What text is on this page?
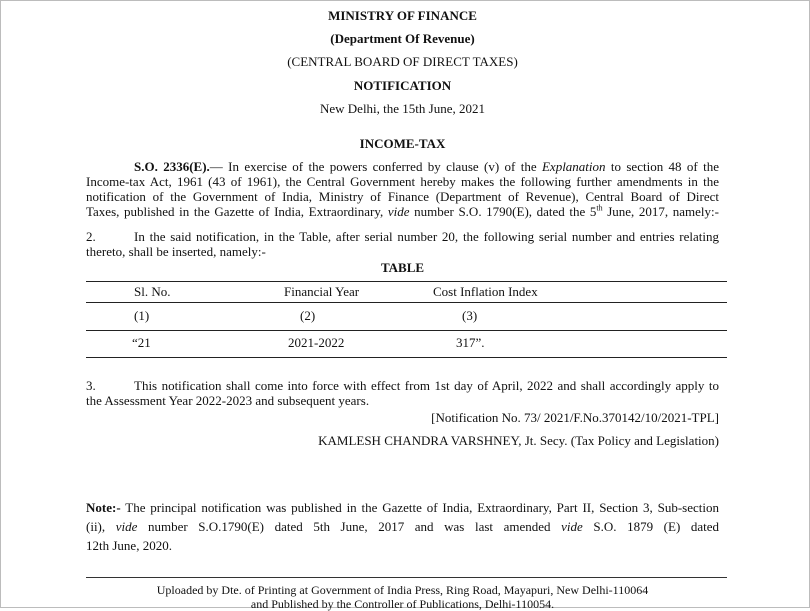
MINISTRY OF FINANCE
(Department Of Revenue)
(CENTRAL BOARD OF DIRECT TAXES)
NOTIFICATION
New Delhi, the 15th June, 2021
INCOME-TAX
S.O. 2336(E).— In exercise of the powers conferred by clause (v) of the Explanation to section 48 of the
Income-tax Act, 1961 (43 of 1961), the Central Government hereby makes the following further amendments in the
notification of the Government of India, Ministry of Finance (Department of Revenue), Central Board of Direct
Taxes, published in the Gazette of India, Extraordinary, vide number S.O. 1790(E), dated the 5th June, 2017, namely:-
2.	In the said notification, in the Table, after serial number 20, the following serial number and entries relating
thereto, shall be inserted, namely:-
TABLE
Sl. No.	Financial Year	Cost Inflation Index
(1)	(2)	(3)
“21	2021-2022	317”.
3.	This notification shall come into force with effect from 1st day of April, 2022 and shall accordingly apply to
the Assessment Year 2022-2023 and subsequent years.
[Notification No. 73/ 2021/F.No.370142/10/2021-TPL]
KAMLESH CHANDRA VARSHNEY, Jt. Secy. (Tax Policy and Legislation)
Note:- The principal notification was published in the Gazette of India, Extraordinary, Part II, Section 3, Sub-section
(ii), vide number S.O.1790(E) dated 5th June, 2017 and was last amended vide S.O. 1879 (E) dated
12th June, 2020.
Uploaded by Dte. of Printing at Government of India Press, Ring Road, Mayapuri, New Delhi-110064
and Published by the Controller of Publications, Delhi-110054.
